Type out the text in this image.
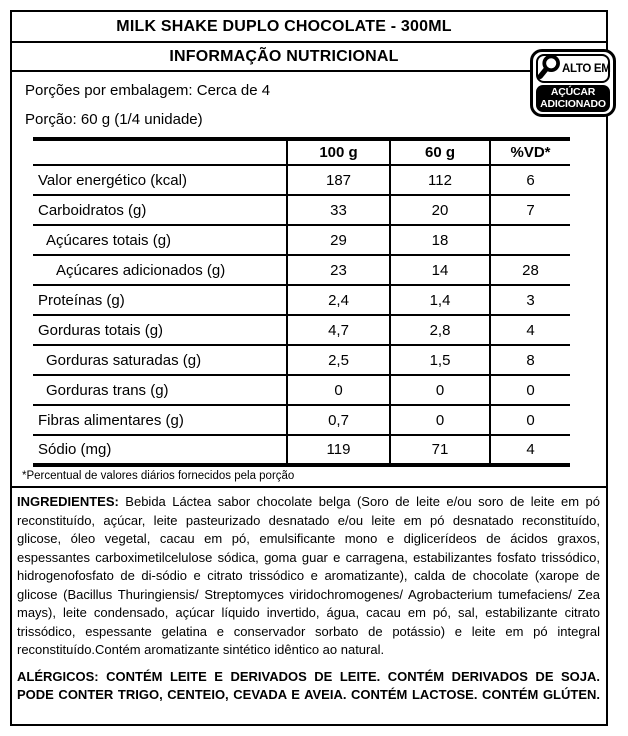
MILK SHAKE DUPLO CHOCOLATE - 300ML
INFORMAÇÃO NUTRICIONAL
ALTO EM
AÇÚCAR
ADICIONADO
Porções por embalagem: Cerca de 4
Porção: 60 g (1/4 unidade)
	100 g	60 g	%VD*
Valor energético (kcal)	187	112	6
Carboidratos (g)	33	20	7
Açúcares totais (g)	29	18	
Açúcares adicionados (g)	23	14	28
Proteínas (g)	2,4	1,4	3
Gorduras totais (g)	4,7	2,8	4
Gorduras saturadas (g)	2,5	1,5	8
Gorduras trans (g)	0	0	0
Fibras alimentares (g)	0,7	0	0
Sódio (mg)	119	71	4
*Percentual de valores diários fornecidos pela porção
INGREDIENTES: Bebida Láctea sabor chocolate belga (Soro de leite e/ou soro de leite em pó reconstituído, açúcar, leite pasteurizado desnatado e/ou leite em pó desnatado reconstituído, glicose, óleo vegetal, cacau em pó, emulsificante mono e diglicerídeos de ácidos graxos, espessantes carboximetilcelulose sódica, goma guar e carragena, estabilizantes fosfato trissódico, hidrogenofosfato de di-sódio e citrato trissódico e aromatizante), calda de chocolate (xarope de glicose (Bacillus Thuringiensis/ Streptomyces viridochromogenes/ Agrobacterium tumefaciens/ Zea mays), leite condensado, açúcar líquido invertido, água, cacau em pó, sal, estabilizante citrato trissódico, espessante gelatina e conservador sorbato de potássio) e leite em pó integral reconstituído.Contém aromatizante sintético idêntico ao natural.
ALÉRGICOS: CONTÉM LEITE E DERIVADOS DE LEITE. CONTÉM DERIVADOS DE SOJA.
PODE CONTER TRIGO, CENTEIO, CEVADA E AVEIA. CONTÉM LACTOSE. CONTÉM GLÚTEN.
